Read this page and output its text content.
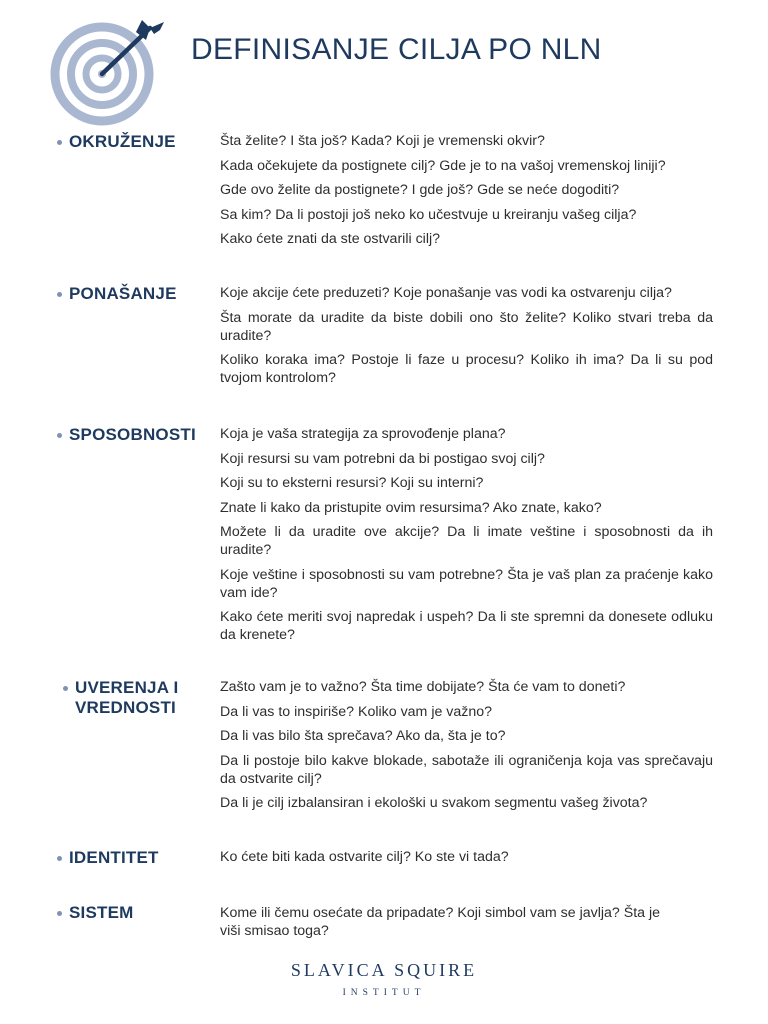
DEFINISANJE CILJA PO NLN
OKRUŽENJE	Šta želite? I šta još? Kada? Koji je vremenski okvir?

Kada očekujete da postignete cilj? Gde je to na vašoj vremenskoj liniji?

Gde ovo želite da postignete? I gde još? Gde se neće dogoditi?

Sa kim? Da li postoji još neko ko učestvuje u kreiranju vašeg cilja?

Kako ćete znati da ste ostvarili cilj?

PONAŠANJE	Koje akcije ćete preduzeti? Koje ponašanje vas vodi ka ostvarenju cilja?

Šta morate da uradite da biste dobili ono što želite? Koliko stvari treba da uradite?

Koliko koraka ima? Postoje li faze u procesu? Koliko ih ima? Da li su pod tvojom kontrolom?

SPOSOBNOSTI Koja je vaša strategija za sprovođenje plana?

Koji resursi su vam potrebni da bi postigao svoj cilj?

Koji su to eksterni resursi? Koji su interni?

Znate li kako da pristupite ovim resursima? Ako znate, kako?

Možete li da uradite ove akcije? Da li imate veštine i sposobnosti da ih uradite?

Koje veštine i sposobnosti su vam potrebne? Šta je vaš plan za praćenje kako vam ide?

Kako ćete meriti svoj napredak i uspeh? Da li ste spremni da donesete odluku da krenete?

UVERENJA I
VREDNOSTI

Zašto vam je to važno? Šta time dobijate? Šta će vam to doneti?

Da li vas to inspiriše? Koliko vam je važno?

Da li vas bilo šta sprečava? Ako da, šta je to?

Da li postoje bilo kakve blokade, sabotaže ili ograničenja koja vas sprečavaju da ostvarite cilj?

Da li je cilj izbalansiran i ekološki u svakom segmentu vašeg života?

IDENTITET	Ko ćete biti kada ostvarite cilj? Ko ste vi tada?

SISTEM	Kome ili čemu osećate da pripadate? Koji simbol vam se javlja? Šta je viši smisao toga?

SLAVICA SQUIRE
INSTITUT
